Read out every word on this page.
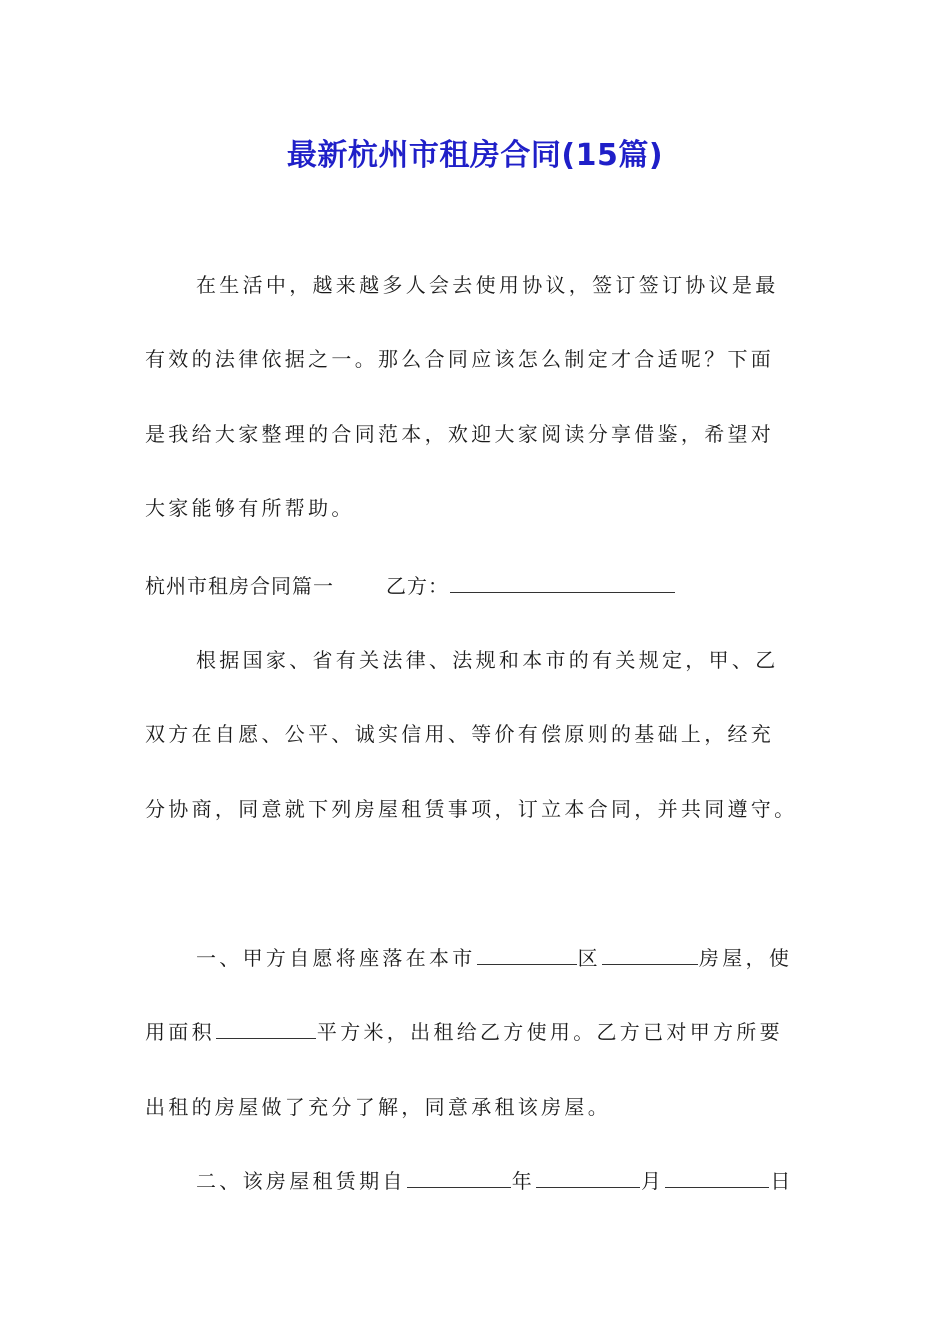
最新杭州市租房合同(15篇)
在生活中，越来越多人会去使用协议，签订签订协议是最
有效的法律依据之一。那么合同应该怎么制定才合适呢？下面
是我给大家整理的合同范本，欢迎大家阅读分享借鉴，希望对
大家能够有所帮助。
杭州市租房合同篇一	乙方：
根据国家、省有关法律、法规和本市的有关规定，甲、乙
双方在自愿、公平、诚实信用、等价有偿原则的基础上，经充
分协商，同意就下列房屋租赁事项，订立本合同，并共同遵守。
一、甲方自愿将座落在本市	区	房屋，使
用面积	平方米，出租给乙方使用。乙方已对甲方所要
出租的房屋做了充分了解，同意承租该房屋。
二、该房屋租赁期自	年	月	日
